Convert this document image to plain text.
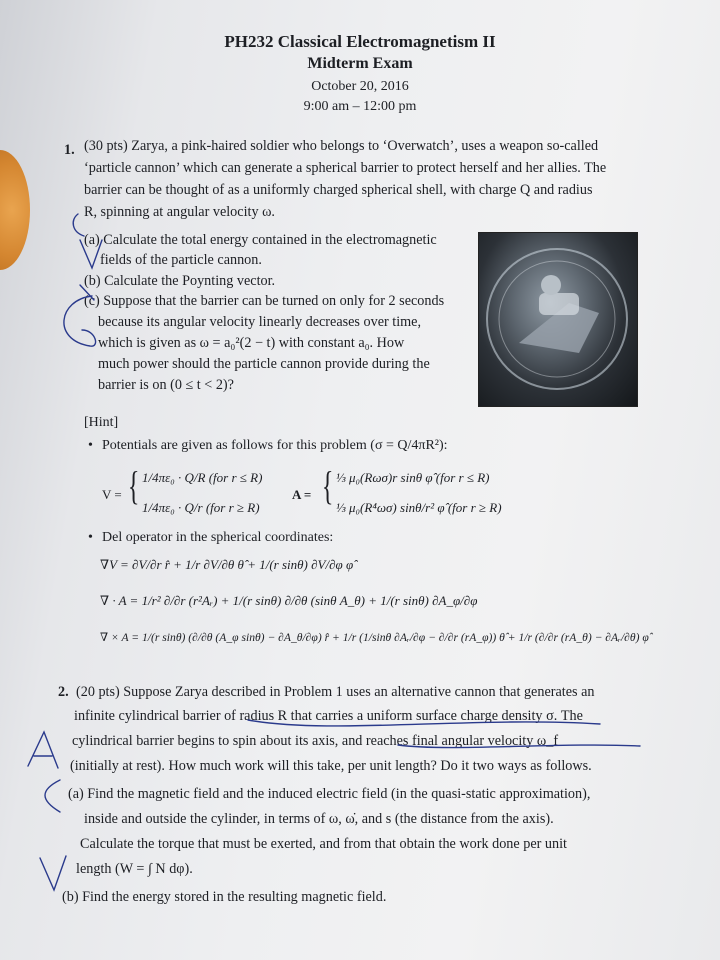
PH232 Classical Electromagnetism II
Midterm Exam
October 20, 2016
9:00 am – 12:00 pm
1. (30 pts) Zarya, a pink-haired soldier who belongs to ‘Overwatch’, uses a weapon so-called
‘particle cannon’ which can generate a spherical barrier to protect herself and her allies. The
barrier can be thought of as a uniformly charged spherical shell, with charge Q and radius
R, spinning at angular velocity ω.
(a) Calculate the total energy contained in the electromagnetic
fields of the particle cannon.
(b) Calculate the Poynting vector.
(c) Suppose that the barrier can be turned on only for 2 seconds
because its angular velocity linearly decreases over time,
which is given as ω = a₀²(2 − t) with constant a₀. How
much power should the particle cannon provide during the
barrier is on (0 ≤ t < 2)?
[Hint]
• Potentials are given as follows for this problem (σ = Q/4πR²):
V = { 1/4πε₀ · Q/R (for r ≤ R)
1/4πε₀ · Q/r (for r ≥ R)
A = { ⅓ μ₀(Rωσ)r sinθ φ̂ (for r ≤ R)
⅓ μ₀(R⁴ωσ) sinθ/r² φ̂ (for r ≥ R)
• Del operator in the spherical coordinates:
∇V = ∂V/∂r r̂ + 1/r ∂V/∂θ θ̂ + 1/(r sinθ) ∂V/∂φ φ̂
∇ · A = 1/r² ∂/∂r (r²Aᵣ) + 1/(r sinθ) ∂/∂θ (sinθ A_θ) + 1/(r sinθ) ∂A_φ/∂φ
∇ × A = 1/(r sinθ) (∂/∂θ (A_φ sinθ) − ∂A_θ/∂φ) r̂ + 1/r (1/sinθ ∂Aᵣ/∂φ − ∂/∂r (rA_φ)) θ̂ + 1/r (∂/∂r (rA_θ) − ∂Aᵣ/∂θ) φ̂
2. (20 pts) Suppose Zarya described in Problem 1 uses an alternative cannon that generates an
infinite cylindrical barrier of radius R that carries a uniform surface charge density σ. The
cylindrical barrier begins to spin about its axis, and reaches final angular velocity ω_f
(initially at rest). How much work will this take, per unit length? Do it two ways as follows.
(a) Find the magnetic field and the induced electric field (in the quasi-static approximation),
inside and outside the cylinder, in terms of ω, ω̇, and s (the distance from the axis).
Calculate the torque that must be exerted, and from that obtain the work done per unit
length (W = ∫ N dφ).
(b) Find the energy stored in the resulting magnetic field.
